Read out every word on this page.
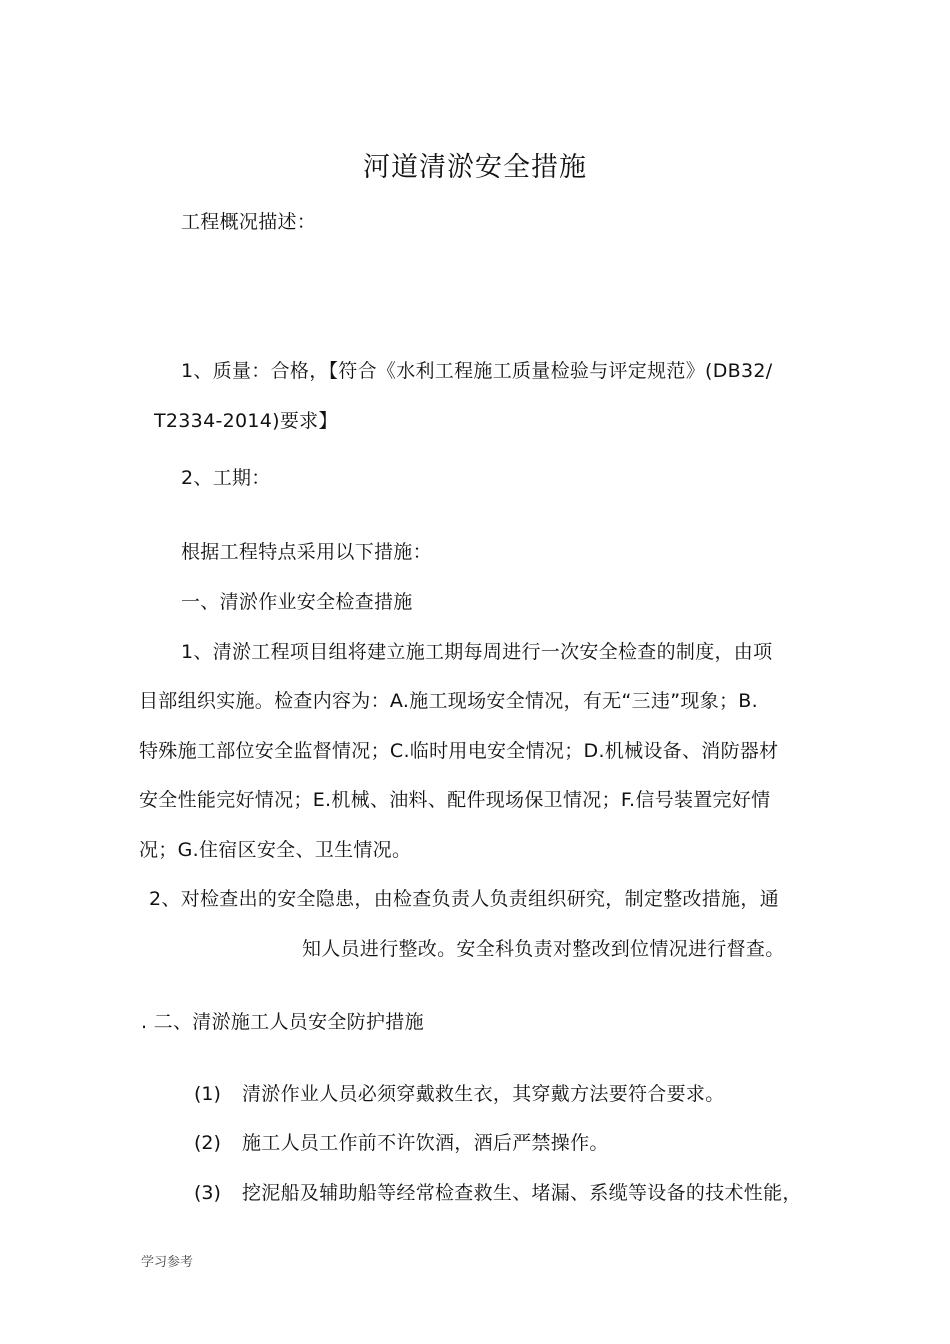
河道清淤安全措施
工程概况描述：
1、质量：合格，【符合《水利工程施工质量检验与评定规范》(DB32/
T2334-2014)要求】
2、工期：
根据工程特点采用以下措施：
一、清淤作业安全检查措施
1、清淤工程项目组将建立施工期每周进行一次安全检查的制度，由项
目部组织实施。检查内容为：A.施工现场安全情况，有无“三违”现象；B.
特殊施工部位安全监督情况；C.临时用电安全情况；D.机械设备、消防器材
安全性能完好情况；E.机械、油料、配件现场保卫情况；F.信号装置完好情
况；G.住宿区安全、卫生情况。
2、对检查出的安全隐患，由检查负责人负责组织研究，制定整改措施，通
知人员进行整改。安全科负责对整改到位情况进行督查。
. 二、清淤施工人员安全防护措施
(1) 清淤作业人员必须穿戴救生衣，其穿戴方法要符合要求。
(2) 施工人员工作前不许饮酒，酒后严禁操作。
(3) 挖泥船及辅助船等经常检查救生、堵漏、系缆等设备的技术性能，
学习参考
